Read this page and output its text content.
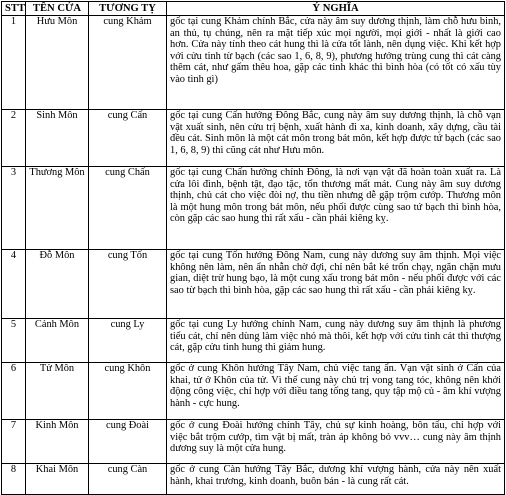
STT	TÊN CỬA	TƯƠNG TỴ	Ý NGHĨA
1	Hưu Môn	cung Khảm	gốc tại cung Khảm chính Bắc, cửa này âm suy dương thịnh, làm chỗ hưu binh, an thủ, tụ chúng, nên ra mặt tiếp xúc mọi người, mọi giới - nhất là giới cao hơn. Cửa này tính theo cát hung thì là cửa tốt lành, nên dụng việc. Khi kết hợp với cửu tinh từ bạch (các sao 1, 6, 8, 9), phương hướng trùng cung thì cát càng thêm cát, như gấm thêu hoa, gặp các tinh khác thì bình hòa (có tốt có xấu tùy vào tình gì)
2	Sinh Môn	cung Cấn	gốc tại cung Cấn hướng Đông Bắc, cung này âm suy dương thịnh, là chỗ vạn vật xuất sinh, nên cửu trị bệnh, xuất hành đi xa, kinh doanh, xây dựng, cầu tài đều cát. Sinh môn là một cát môn trong bát môn, kết hợp được tứ bạch (các sao 1, 6, 8, 9) thì cũng cát như Hưu môn.
3	Thương Môn	cung Chấn	gốc tại cung Chấn hướng chính Đông, là nơi vạn vật đã hoàn toàn xuất ra. Là cửa lôi đình, bệnh tật, đạo tặc, tổn thương mất mát. Cung này âm suy dương thịnh, chủ cát cho việc đòi nợ, thu tiền nhưng dễ gặp trộm cướp. Thương môn là một hung môn trong bát môn, nếu phối được cùng sao tứ bạch thì bình hòa, còn gặp các sao hung thì rất xấu - cần phải kiêng kỵ.
4	Đỗ Môn	cung Tốn	gốc tại cung Tốn hướng Đông Nam, cung này dương suy âm thịnh. Mọi việc không nên làm, nên ẩn nhẫn chờ đợi, chỉ nên bắt kẻ trốn chạy, ngăn chặn mưu gian, diệt trừ hung bạo, là một cung xấu trong bát môn - nếu phối được với các sao từ bạch thì bình hòa, gặp các sao hung thì rất xấu - cần phải kiêng kỵ.
5	Cảnh Môn	cung Ly	gốc tại cung Ly hướng chính Nam, cung này dương suy âm thịnh là phương tiểu cát, chỉ nên dùng làm việc nhỏ mà thôi, kết hợp với cửu tinh cát thì thượng cát, gặp cửu tinh hung thì giảm hung.
6	Tử Môn	cung Khôn	gốc ở cung Khôn hướng Tây Nam, chủ việc tang ẩn. Vạn vật sinh ở Cấn của khai, tử ở Khôn của tử. Vì thế cung này chủ trị vong tang tóc, không nên khởi động công việc, chỉ hợp với điều tang tống tang, quy tập mộ củ - âm khí vượng hành - cực hung.
7	Kinh Môn	cung Đoài	gốc ở cung Đoài hướng chính Tây, chủ sự kinh hoàng, bôn tẩu, chỉ hợp với việc bắt trộm cướp, tìm vật bị mất, tràn áp không bỏ vvv… cung này âm thịnh dương suy là một cửa hung.
8	Khai Môn	cung Càn	gốc ở cung Càn hướng Tây Bắc, dương khí vượng hành, cửa này nên xuất hành, khai trương, kinh doanh, buôn bán - là cung rất cát.
